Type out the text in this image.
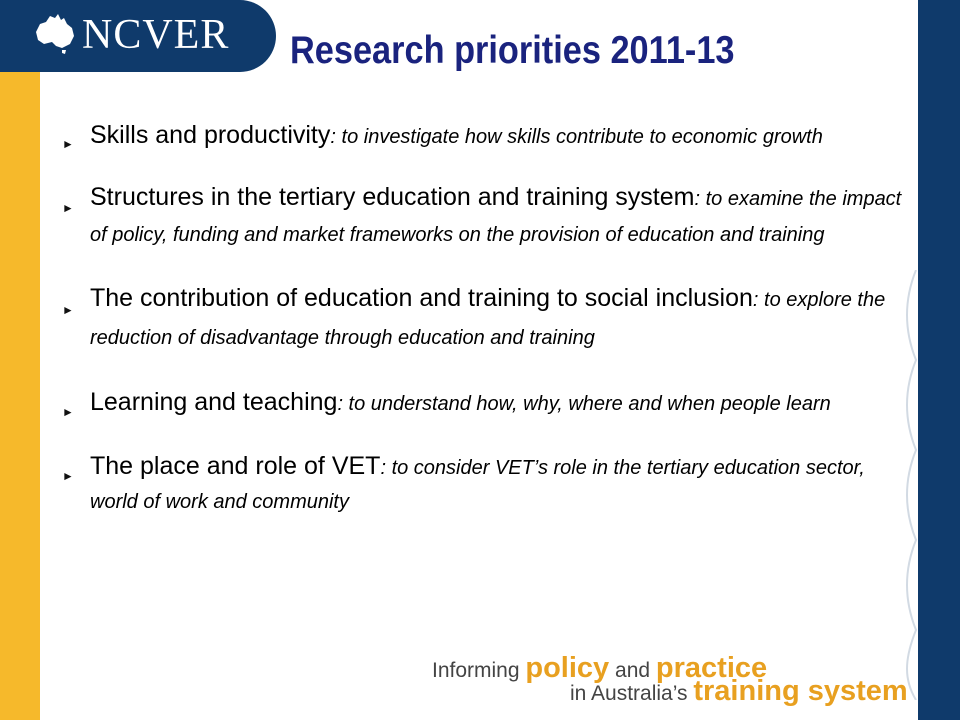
NCVER Research priorities 2011-13
► Skills and productivity: to investigate how skills contribute to economic growth
► Structures in the tertiary education and training system: to examine the impact of policy, funding and market frameworks on the provision of education and training
► The contribution of education and training to social inclusion: to explore the reduction of disadvantage through education and training
► Learning and teaching: to understand how, why, where and when people learn
► The place and role of VET: to consider VET’s role in the tertiary education sector, world of work and community
Informing policy and practice
in Australia’s training system
